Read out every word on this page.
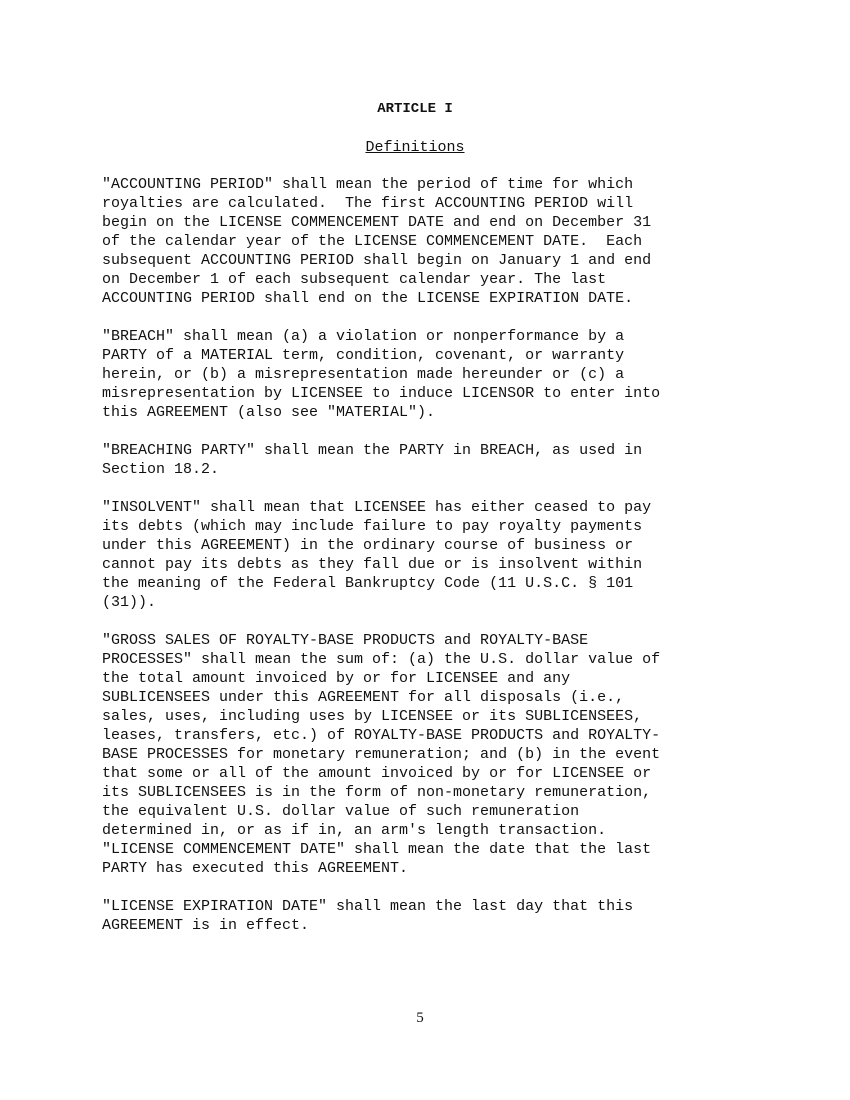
ARTICLE I
Definitions
"ACCOUNTING PERIOD" shall mean the period of time for which
royalties are calculated.  The first ACCOUNTING PERIOD will
begin on the LICENSE COMMENCEMENT DATE and end on December 31
of the calendar year of the LICENSE COMMENCEMENT DATE.  Each
subsequent ACCOUNTING PERIOD shall begin on January 1 and end
on December 1 of each subsequent calendar year. The last
ACCOUNTING PERIOD shall end on the LICENSE EXPIRATION DATE.
"BREACH" shall mean (a) a violation or nonperformance by a
PARTY of a MATERIAL term, condition, covenant, or warranty
herein, or (b) a misrepresentation made hereunder or (c) a
misrepresentation by LICENSEE to induce LICENSOR to enter into
this AGREEMENT (also see "MATERIAL").
"BREACHING PARTY" shall mean the PARTY in BREACH, as used in
Section 18.2.
"INSOLVENT" shall mean that LICENSEE has either ceased to pay
its debts (which may include failure to pay royalty payments
under this AGREEMENT) in the ordinary course of business or
cannot pay its debts as they fall due or is insolvent within
the meaning of the Federal Bankruptcy Code (11 U.S.C. § 101
(31)).
"GROSS SALES OF ROYALTY-BASE PRODUCTS and ROYALTY-BASE
PROCESSES" shall mean the sum of: (a) the U.S. dollar value of
the total amount invoiced by or for LICENSEE and any
SUBLICENSEES under this AGREEMENT for all disposals (i.e.,
sales, uses, including uses by LICENSEE or its SUBLICENSEES,
leases, transfers, etc.) of ROYALTY-BASE PRODUCTS and ROYALTY-
BASE PROCESSES for monetary remuneration; and (b) in the event
that some or all of the amount invoiced by or for LICENSEE or
its SUBLICENSEES is in the form of non-monetary remuneration,
the equivalent U.S. dollar value of such remuneration
determined in, or as if in, an arm's length transaction.
"LICENSE COMMENCEMENT DATE" shall mean the date that the last
PARTY has executed this AGREEMENT.
"LICENSE EXPIRATION DATE" shall mean the last day that this
AGREEMENT is in effect.
5
